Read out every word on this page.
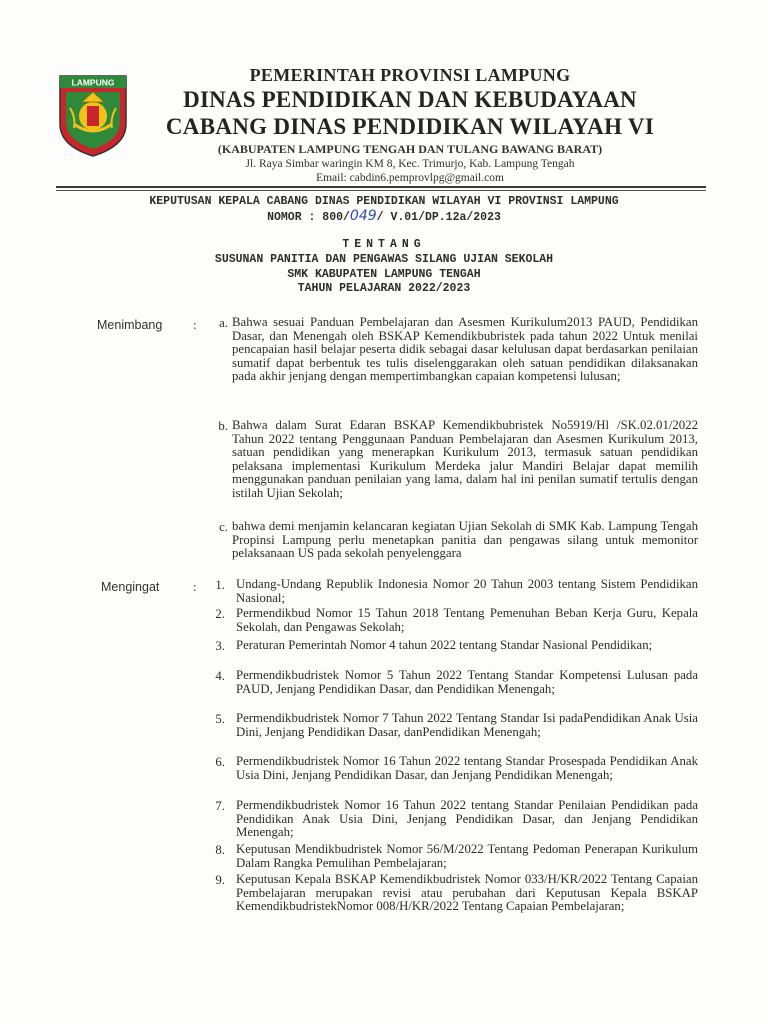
LAMPUNG	PEMERINTAH PROVINSI LAMPUNG
DINAS PENDIDIKAN DAN KEBUDAYAAN
CABANG DINAS PENDIDIKAN WILAYAH VI
(KABUPATEN LAMPUNG TENGAH DAN TULANG BAWANG BARAT)
Jl. Raya Simbar waringin KM 8, Kec. Trimurjo, Kab. Lampung Tengah
Email: cabdin6.pemprovlpg@gmail.com
KEPUTUSAN KEPALA CABANG DINAS PENDIDIKAN WILAYAH VI PROVINSI LAMPUNG
NOMOR : 800/049/ V.01/DP.12a/2023
TENTANG
SUSUNAN PANITIA DAN PENGAWAS SILANG UJIAN SEKOLAH
SMK KABUPATEN LAMPUNG TENGAH
TAHUN PELAJARAN 2022/2023
Menimbang :	a. Bahwa sesuai Panduan Pembelajaran dan Asesmen Kurikulum2013 PAUD, Pendidikan Dasar, dan Menengah oleh BSKAP Kemendikbubristek pada tahun 2022 Untuk menilai pencapaian hasil belajar peserta didik sebagai dasar kelulusan dapat berdasarkan penilaian sumatif dapat berbentuk tes tulis diselenggarakan oleh satuan pendidikan dilaksanakan pada akhir jenjang dengan mempertimbangkan capaian kompetensi lulusan;
b. Bahwa dalam Surat Edaran BSKAP Kemendikbubristek No5919/Hl /SK.02.01/2022 Tahun 2022 tentang Penggunaan Panduan Pembelajaran dan Asesmen Kurikulum 2013, satuan pendidikan yang menerapkan Kurikulum 2013, termasuk satuan pendidikan pelaksana implementasi Kurikulum Merdeka jalur Mandiri Belajar dapat memilih menggunakan panduan penilaian yang lama, dalam hal ini penilan sumatif tertulis dengan istilah Ujian Sekolah;
c. bahwa demi menjamin kelancaran kegiatan Ujian Sekolah di SMK Kab. Lampung Tengah Propinsi Lampung perlu menetapkan panitia dan pengawas silang untuk memonitor pelaksanaan US pada sekolah penyelenggara
Mengingat	:	1. Undang-Undang Republik Indonesia Nomor 20 Tahun 2003 tentang Sistem Pendidikan Nasional;
2. Permendikbud Nomor 15 Tahun 2018 Tentang Pemenuhan Beban Kerja Guru, Kepala Sekolah, dan Pengawas Sekolah;
3. Peraturan Pemerintah Nomor 4 tahun 2022 tentang Standar Nasional Pendidikan;
4. Permendikbudristek Nomor 5 Tahun 2022 Tentang Standar Kompetensi Lulusan pada PAUD, Jenjang Pendidikan Dasar, dan Pendidikan Menengah;
5. Permendikbudristek Nomor 7 Tahun 2022 Tentang Standar Isi padaPendidikan Anak Usia Dini, Jenjang Pendidikan Dasar, danPendidikan Menengah;
6. Permendikbudristek Nomor 16 Tahun 2022 tentang Standar Prosespada Pendidikan Anak Usia Dini, Jenjang Pendidikan Dasar, dan Jenjang Pendidikan Menengah;
7. Permendikbudristek Nomor 16 Tahun 2022 tentang Standar Penilaian Pendidikan pada Pendidikan Anak Usia Dini, Jenjang Pendidikan Dasar, dan Jenjang Pendidikan Menengah;
8. Keputusan Mendikbudristek Nomor 56/M/2022 Tentang Pedoman Penerapan Kurikulum Dalam Rangka Pemulihan Pembelajaran;
9. Keputusan Kepala BSKAP Kemendikbudristek Nomor 033/H/KR/2022 Tentang Capaian Pembelajaran merupakan revisi atau perubahan dari Keputusan Kepala BSKAP KemendikbudristekNomor 008/H/KR/2022 Tentang Capaian Pembelajaran;
